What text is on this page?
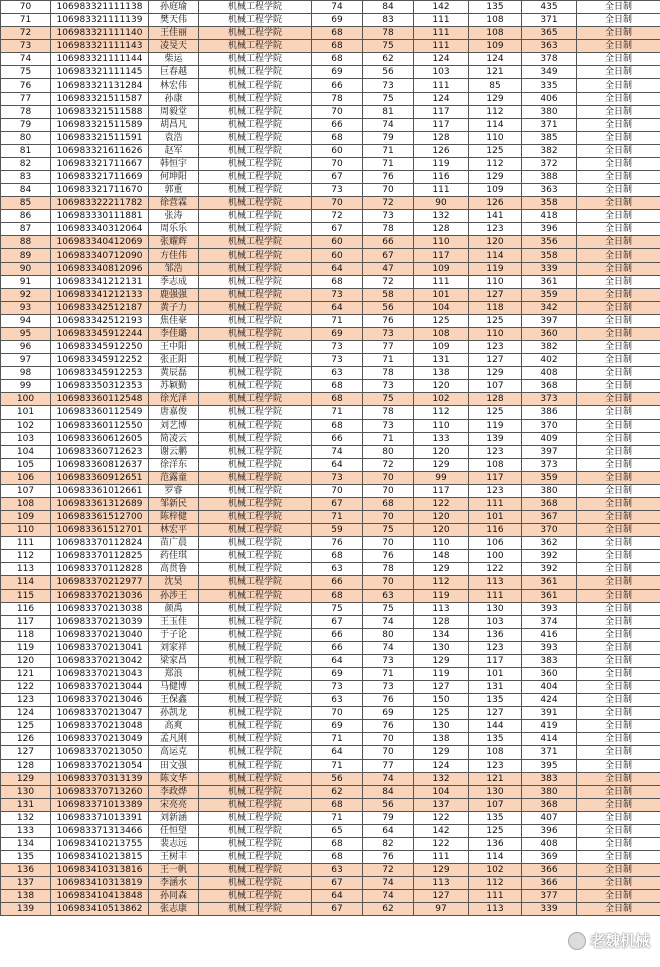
70	106983321111138	孙庭瑜	机械工程学院	74	84	142	135	435	全日制
71	106983321111139	樊天伟	机械工程学院	69	83	111	108	371	全日制
72	106983321111140	王佳丽	机械工程学院	68	78	111	108	365	全日制
73	106983321111143	凌旻天	机械工程学院	68	75	111	109	363	全日制
74	106983321111144	柴运	机械工程学院	68	62	124	124	378	全日制
75	106983321111145	巨春越	机械工程学院	69	56	103	121	349	全日制
76	106983321131284	林宏伟	机械工程学院	66	73	111	85	335	全日制
77	106983321511587	孙康	机械工程学院	78	75	124	129	406	全日制
78	106983321511588	周毅堂	机械工程学院	70	81	117	112	380	全日制
79	106983321511589	胡昌凡	机械工程学院	66	74	117	114	371	全日制
80	106983321511591	袁浩	机械工程学院	68	79	128	110	385	全日制
81	106983321611626	赵军	机械工程学院	60	71	126	125	382	全日制
82	106983321711667	韩恒宇	机械工程学院	70	71	119	112	372	全日制
83	106983321711669	何坤阳	机械工程学院	67	76	116	129	388	全日制
84	106983321711670	郭重	机械工程学院	73	70	111	109	363	全日制
85	106983322211782	徐营霖	机械工程学院	70	72	90	126	358	全日制
86	106983330111881	张涛	机械工程学院	72	73	132	141	418	全日制
87	106983340312064	周乐乐	机械工程学院	67	78	128	123	396	全日制
88	106983340412069	张耀辉	机械工程学院	60	66	110	120	356	全日制
89	106983340712090	方佳伟	机械工程学院	60	67	117	114	358	全日制
90	106983340812096	邹浩	机械工程学院	64	47	109	119	339	全日制
91	106983341212131	季志成	机械工程学院	68	72	111	110	361	全日制
92	106983341212133	鹿强强	机械工程学院	73	58	101	127	359	全日制
93	106983342512187	黄子力	机械工程学院	64	56	104	118	342	全日制
94	106983342512193	焦佳豪	机械工程学院	71	76	125	125	397	全日制
95	106983345912244	李佳璐	机械工程学院	69	73	108	110	360	全日制
96	106983345912250	王中阳	机械工程学院	73	77	109	123	382	全日制
97	106983345912252	张正阳	机械工程学院	73	71	131	127	402	全日制
98	106983345912253	黄辰磊	机械工程学院	63	78	138	129	408	全日制
99	106983350312353	苏颖勤	机械工程学院	68	73	120	107	368	全日制
100	106983360112548	徐光泽	机械工程学院	68	75	102	128	373	全日制
101	106983360112549	唐嘉俊	机械工程学院	71	78	112	125	386	全日制
102	106983360112550	刘艺博	机械工程学院	68	73	110	119	370	全日制
103	106983360612605	简凌云	机械工程学院	66	71	133	139	409	全日制
104	106983360712623	谢云鹏	机械工程学院	74	80	120	123	397	全日制
105	106983360812637	徐洋东	机械工程学院	64	72	129	108	373	全日制
106	106983360912651	范露童	机械工程学院	73	70	99	117	359	全日制
107	106983361012661	罗睿	机械工程学院	70	70	117	123	380	全日制
108	106983361312689	邹新民	机械工程学院	67	68	122	111	368	全日制
109	106983361512700	陈梓健	机械工程学院	71	70	120	101	367	全日制
110	106983361512701	林宏平	机械工程学院	59	75	120	116	370	全日制
111	106983370112824	苗广晨	机械工程学院	76	70	110	106	362	全日制
112	106983370112825	药佳琪	机械工程学院	68	76	148	100	392	全日制
113	106983370112828	高贯鲁	机械工程学院	63	78	129	122	392	全日制
114	106983370212977	沈昊	机械工程学院	66	70	112	113	361	全日制
115	106983370213036	孙涉王	机械工程学院	68	63	119	111	361	全日制
116	106983370213038	颜禹	机械工程学院	75	75	113	130	393	全日制
117	106983370213039	王玉佳	机械工程学院	67	74	128	103	374	全日制
118	106983370213040	于子论	机械工程学院	66	80	134	136	416	全日制
119	106983370213041	刘家祥	机械工程学院	66	74	130	123	393	全日制
120	106983370213042	梁家昌	机械工程学院	64	73	129	117	383	全日制
121	106983370213043	郑浪	机械工程学院	69	71	119	101	360	全日制
122	106983370213044	马健博	机械工程学院	73	73	127	131	404	全日制
123	106983370213046	王保鑫	机械工程学院	63	76	150	135	424	全日制
124	106983370213047	孙凯龙	机械工程学院	70	69	125	127	391	全日制
125	106983370213048	高爽	机械工程学院	69	76	130	144	419	全日制
126	106983370213049	孟凡刚	机械工程学院	71	70	138	135	414	全日制
127	106983370213050	高运克	机械工程学院	64	70	129	108	371	全日制
128	106983370213054	田文强	机械工程学院	71	77	124	123	395	全日制
129	106983370313139	陈文华	机械工程学院	56	74	132	121	383	全日制
130	106983370713260	李政烨	机械工程学院	62	84	104	130	380	全日制
131	106983371013389	宋亮亮	机械工程学院	68	56	137	107	368	全日制
132	106983371013391	刘新涵	机械工程学院	71	79	122	135	407	全日制
133	106983371313466	任恒望	机械工程学院	65	64	142	125	396	全日制
134	106983410213755	裴志远	机械工程学院	68	82	122	136	408	全日制
135	106983410213815	王树丰	机械工程学院	68	76	111	114	369	全日制
136	106983410313816	王一帆	机械工程学院	63	72	129	102	366	全日制
137	106983410313819	李涵水	机械工程学院	67	74	113	112	366	全日制
138	106983410413848	孙同森	机械工程学院	64	74	127	111	377	全日制
139	106983410513862	张志康	机械工程学院	67	62	97	113	339	全日制
老魏机械
